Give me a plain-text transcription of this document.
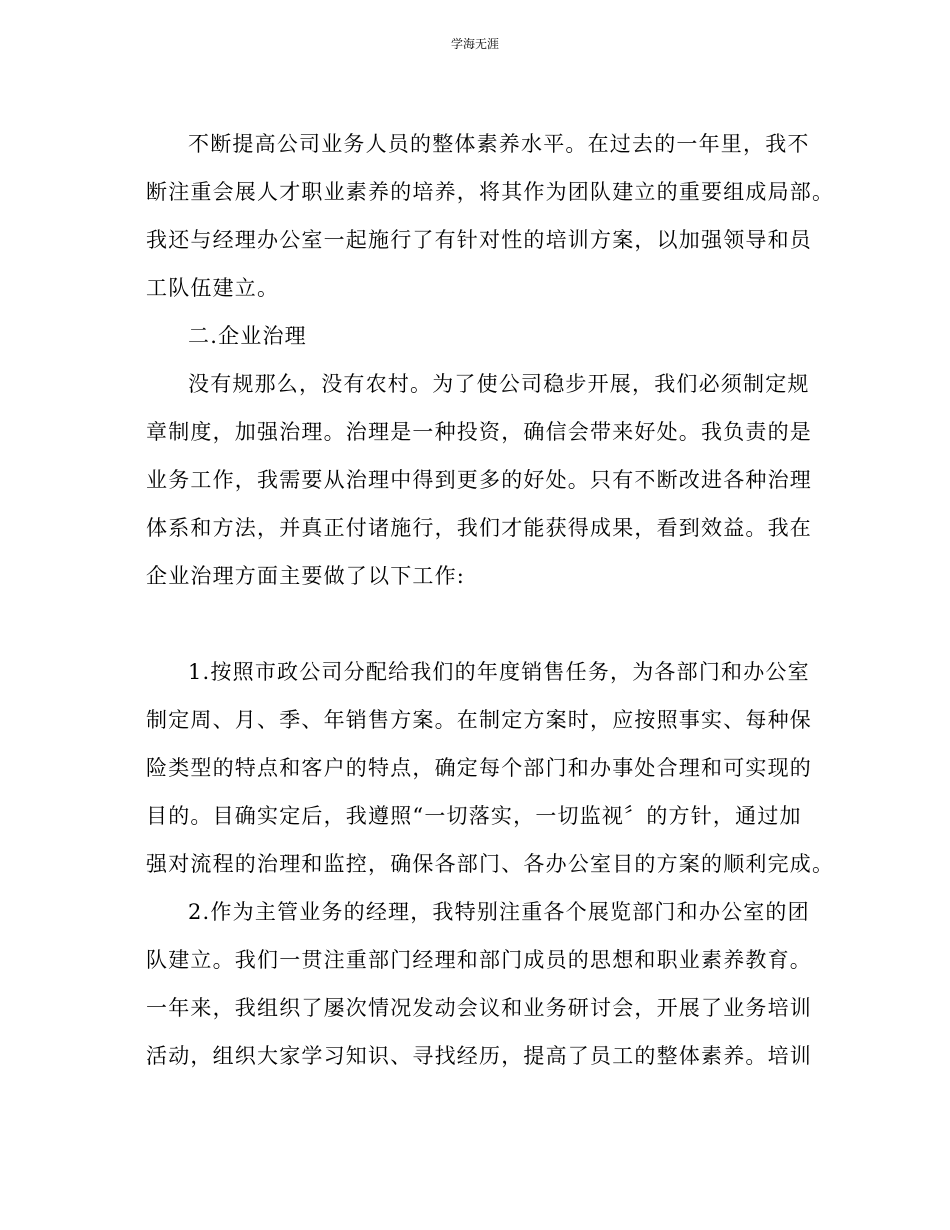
学海无涯
不断提高公司业务人员的整体素养水平。在过去的一年里，我不
断注重会展人才职业素养的培养，将其作为团队建立的重要组成局部。
我还与经理办公室一起施行了有针对性的培训方案，以加强领导和员
工队伍建立。
二.企业治理
没有规那么，没有农村。为了使公司稳步开展，我们必须制定规
章制度，加强治理。治理是一种投资，确信会带来好处。我负责的是
业务工作，我需要从治理中得到更多的好处。只有不断改进各种治理
体系和方法，并真正付诸施行，我们才能获得成果，看到效益。我在
企业治理方面主要做了以下工作:
1.按照市政公司分配给我们的年度销售任务，为各部门和办公室
制定周、月、季、年销售方案。在制定方案时，应按照事实、每种保
险类型的特点和客户的特点，确定每个部门和办事处合理和可实现的
目的。目确实定后，我遵照“一切落实，一切监视〞的方针，通过加
强对流程的治理和监控，确保各部门、各办公室目的方案的顺利完成。
2.作为主管业务的经理，我特别注重各个展览部门和办公室的团
队建立。我们一贯注重部门经理和部门成员的思想和职业素养教育。
一年来，我组织了屡次情况发动会议和业务研讨会，开展了业务培训
活动，组织大家学习知识、寻找经历，提高了员工的整体素养。培训
